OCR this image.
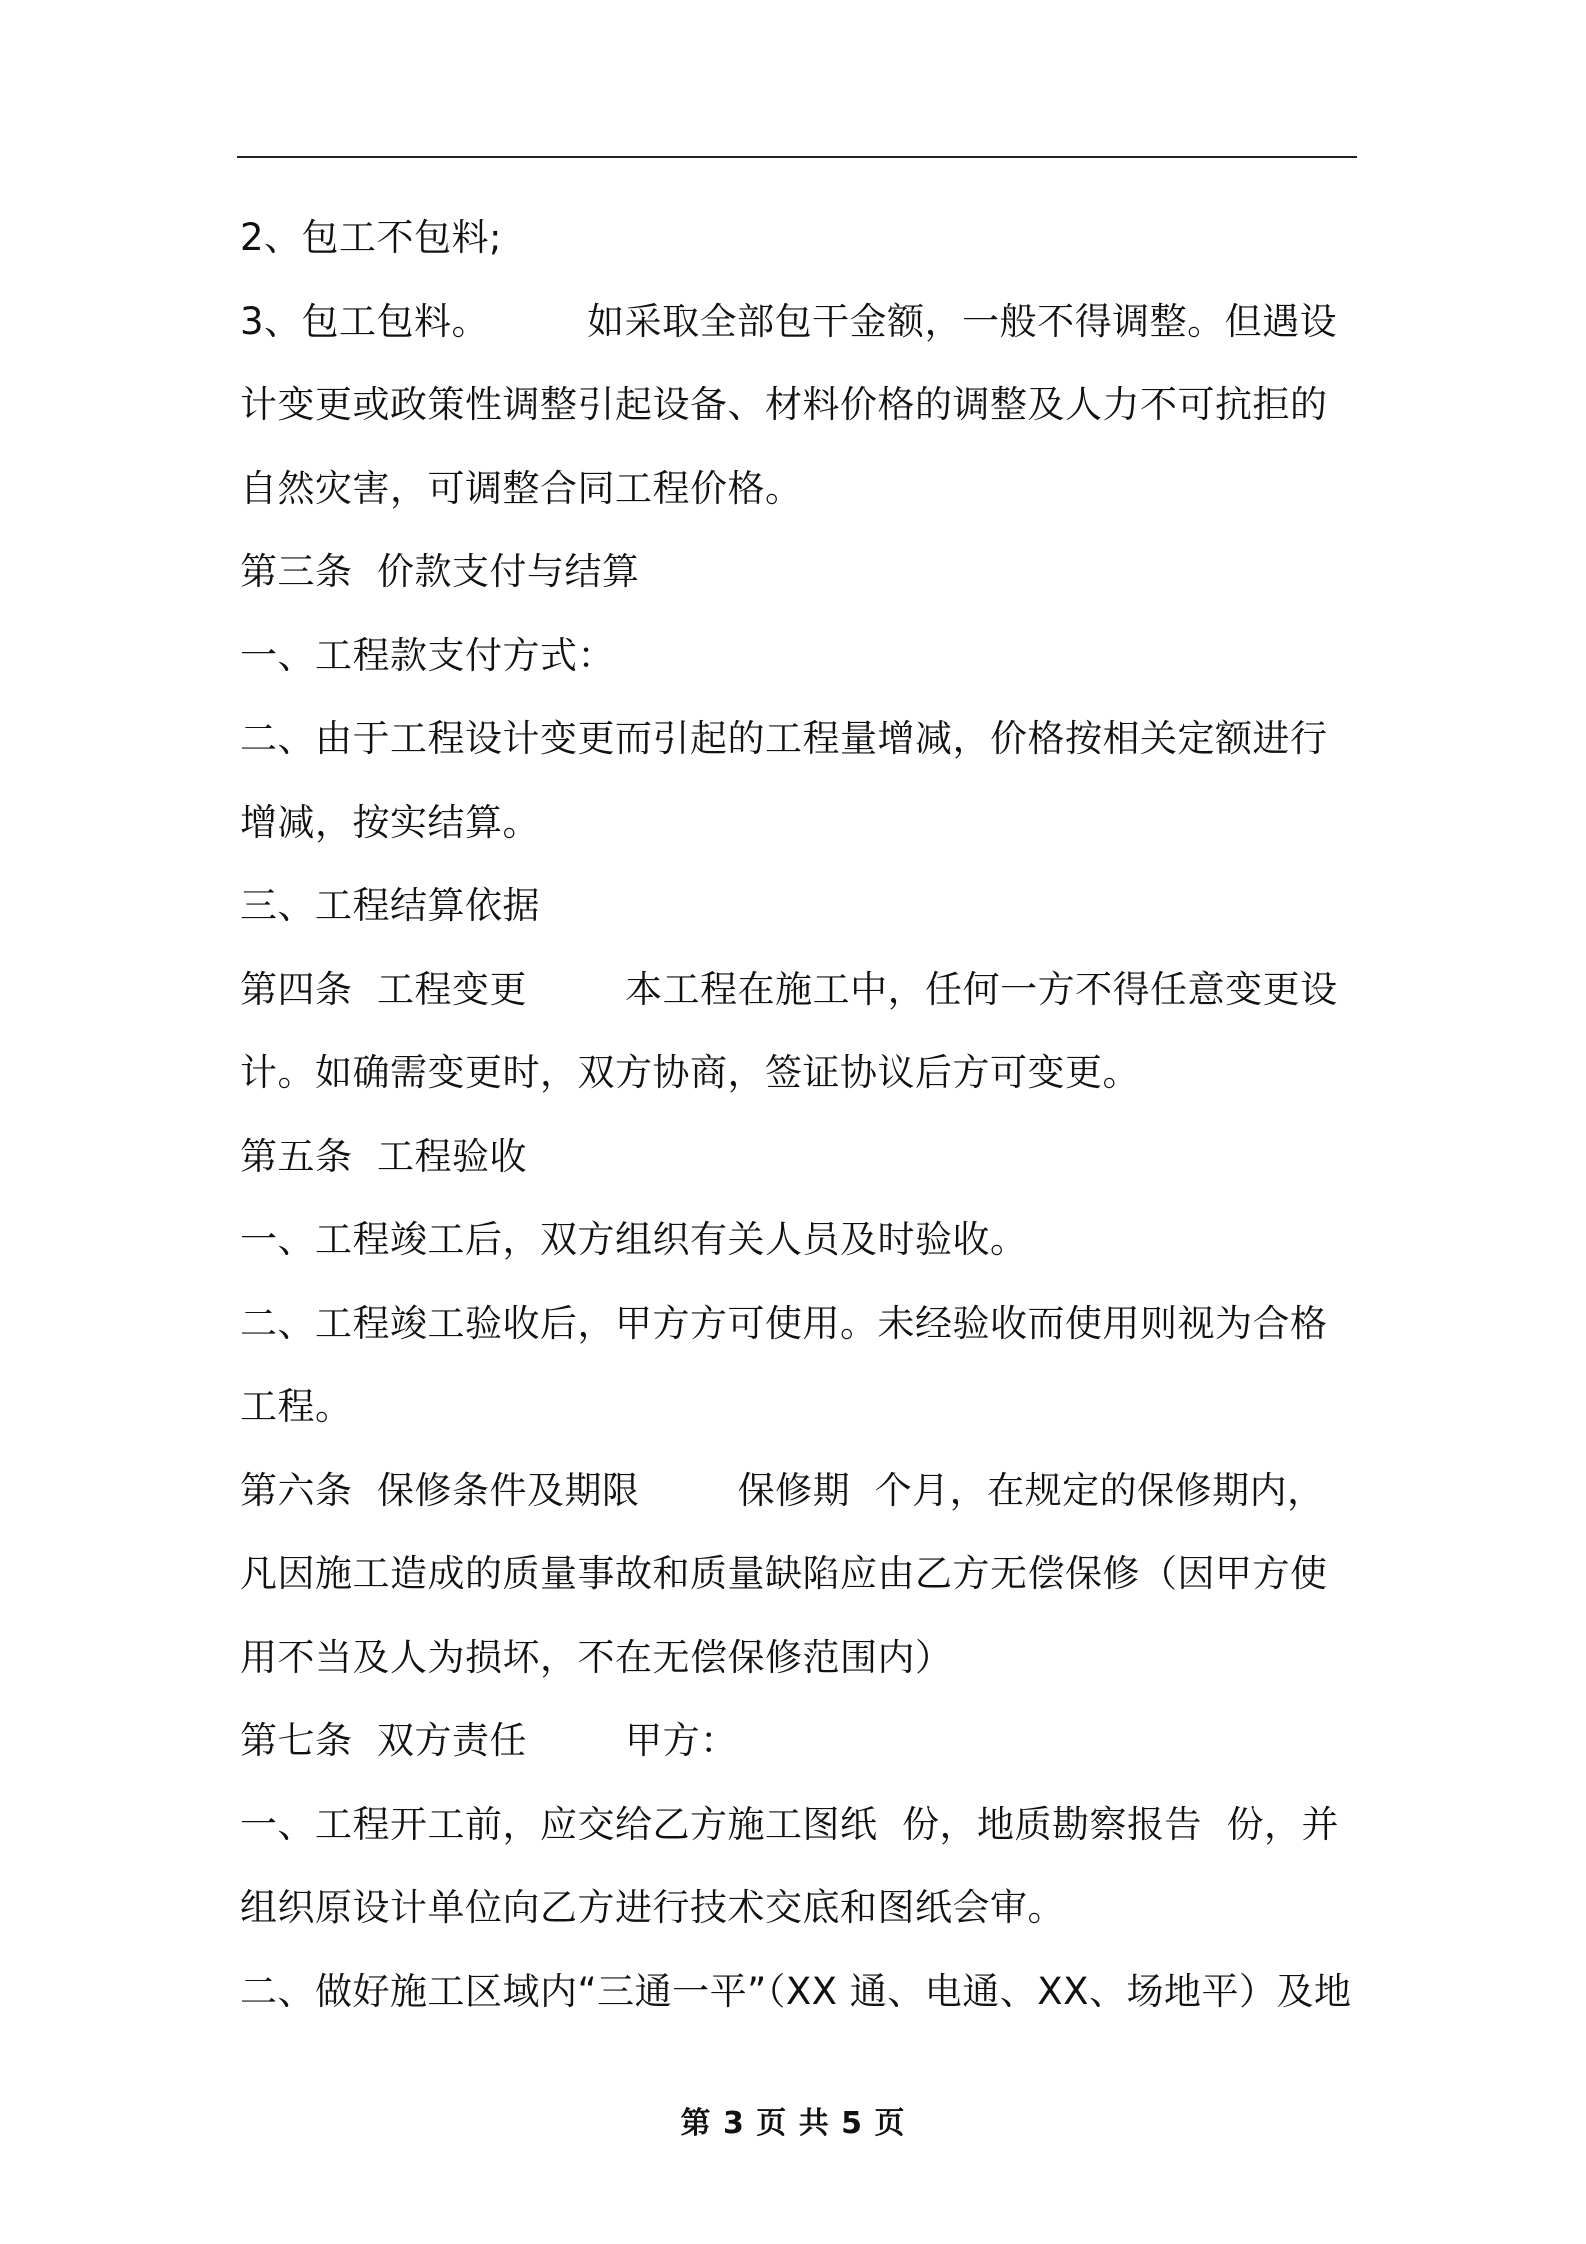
2、包工不包料;

3、包工包料。        如采取全部包干金额，一般不得调整。但遇设计变更或政策性调整引起设备、材料价格的调整及人力不可抗拒的自然灾害，可调整合同工程价格。

第三条  价款支付与结算

一、工程款支付方式：

二、由于工程设计变更而引起的工程量增减，价格按相关定额进行增减，按实结算。

三、工程结算依据

第四条  工程变更        本工程在施工中，任何一方不得任意变更设计。如确需变更时，双方协商，签证协议后方可变更。

第五条  工程验收

一、工程竣工后，双方组织有关人员及时验收。

二、工程竣工验收后，甲方方可使用。未经验收而使用则视为合格工程。

第六条  保修条件及期限        保修期  个月，在规定的保修期内，凡因施工造成的质量事故和质量缺陷应由乙方无偿保修（因甲方使用不当及人为损坏，不在无偿保修范围内）

第七条  双方责任        甲方：

一、工程开工前，应交给乙方施工图纸  份，地质勘察报告  份，并组织原设计单位向乙方进行技术交底和图纸会审。

二、做好施工区域内“三通一平”（XX 通、电通、XX、场地平）及地

第 3 页 共 5 页
